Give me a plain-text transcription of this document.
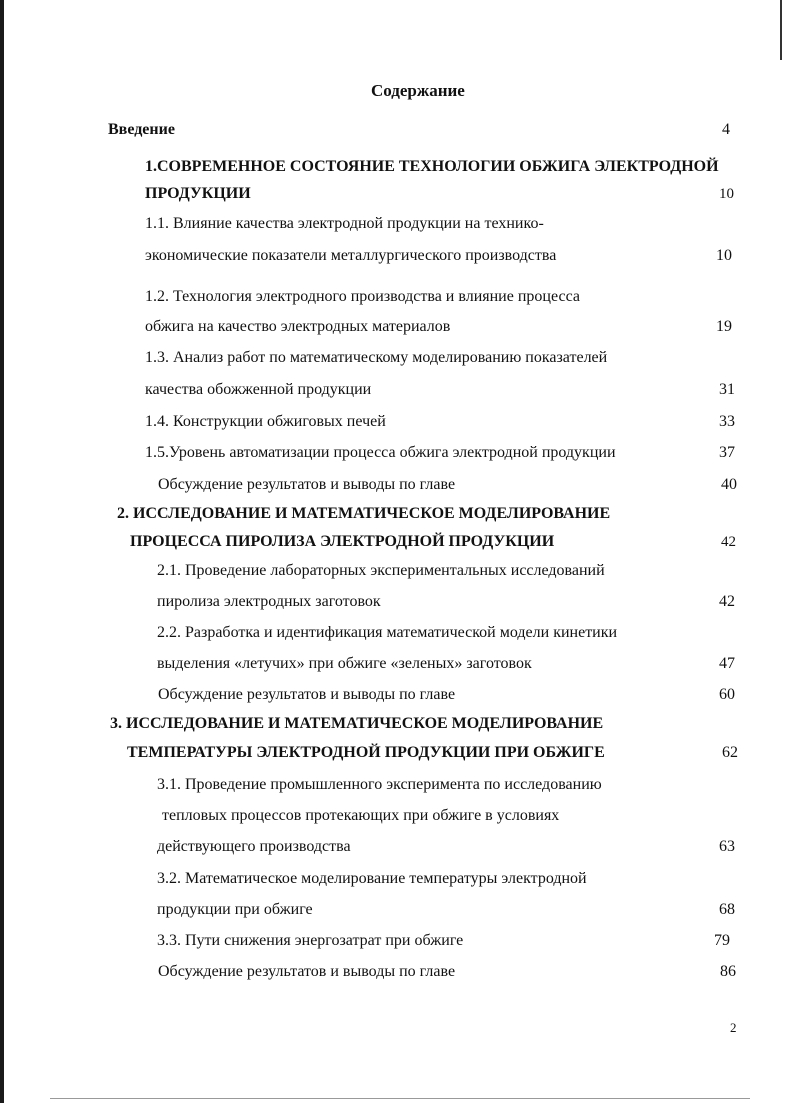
Содержание
Введение	4
1.СОВРЕМЕННОЕ СОСТОЯНИЕ ТЕХНОЛОГИИ ОБЖИГА ЭЛЕКТРОДНОЙ
ПРОДУКЦИИ	10
1.1. Влияние качества электродной продукции на технико-
экономические показатели металлургического производства	10
1.2. Технология электродного производства и влияние процесса
обжига на качество электродных материалов	19
1.3. Анализ работ по математическому моделированию показателей
качества обожженной продукции	31
1.4. Конструкции обжиговых печей	33
1.5.Уровень автоматизации процесса обжига электродной продукции	37
Обсуждение результатов и выводы по главе	40
2. ИССЛЕДОВАНИЕ И МАТЕМАТИЧЕСКОЕ МОДЕЛИРОВАНИЕ
ПРОЦЕССА ПИРОЛИЗА ЭЛЕКТРОДНОЙ ПРОДУКЦИИ	42
2.1. Проведение лабораторных экспериментальных исследований
пиролиза электродных заготовок	42
2.2. Разработка и идентификация математической модели кинетики
выделения «летучих» при обжиге «зеленых» заготовок	47
Обсуждение результатов и выводы по главе	60
3. ИССЛЕДОВАНИЕ И МАТЕМАТИЧЕСКОЕ МОДЕЛИРОВАНИЕ
ТЕМПЕРАТУРЫ ЭЛЕКТРОДНОЙ ПРОДУКЦИИ ПРИ ОБЖИГЕ	62
3.1. Проведение промышленного эксперимента по исследованию
тепловых процессов протекающих при обжиге в условиях
действующего производства	63
3.2. Математическое моделирование температуры электродной
продукции при обжиге	68
3.3. Пути снижения энергозатрат при обжиге	79
Обсуждение результатов и выводы по главе	86
2
